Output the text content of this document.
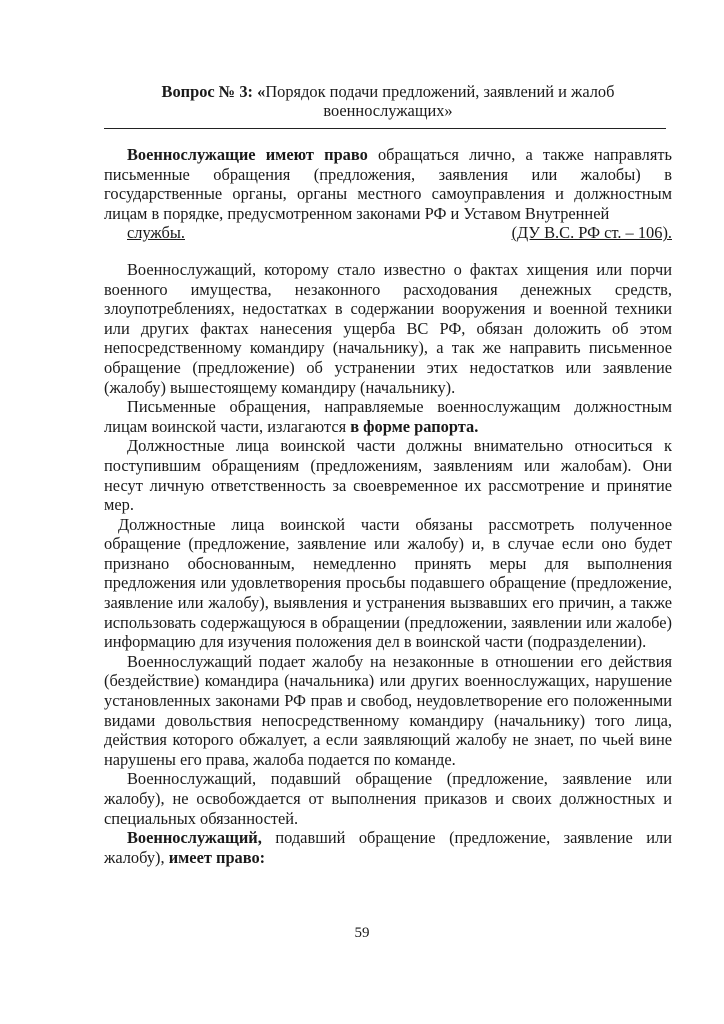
Вопрос № 3: «Порядок подачи предложений, заявлений и жалоб
военнослужащих»

Военнослужащие имеют право обращаться лично, а также направлять письменные обращения (предложения, заявления или жалобы) в государственные органы, органы местного самоуправления и должностным лицам в порядке, предусмотренном законами РФ и Уставом Внутренней

службы.	(ДУ В.С. РФ ст. – 106).

Военнослужащий, которому стало известно о фактах хищения или порчи военного имущества, незаконного расходования денежных средств, злоупотреблениях, недостатках в содержании вооружения и военной техники или других фактах нанесения ущерба ВС РФ, обязан доложить об этом непосредственному командиру (начальнику), а так же направить письменное обращение (предложение) об устранении этих недостатков или заявление (жалобу) вышестоящему командиру (начальнику).

Письменные обращения, направляемые военнослужащим должностным лицам воинской части, излагаются в форме рапорта.

Должностные лица воинской части должны внимательно относиться к поступившим обращениям (предложениям, заявлениям или жалобам). Они несут личную ответственность за своевременное их рассмотрение и принятие мер.

Должностные лица воинской части обязаны рассмотреть полученное обращение (предложение, заявление или жалобу) и, в случае если оно будет признано обоснованным, немедленно принять меры для выполнения предложения или удовлетворения просьбы подавшего обращение (предложение, заявление или жалобу), выявления и устранения вызвавших его причин, а также использовать содержащуюся в обращении (предложении, заявлении или жалобе) информацию для изучения положения дел в воинской части (подразделении).

Военнослужащий подает жалобу на незаконные в отношении его действия (бездействие) командира (начальника) или других военнослужащих, нарушение установленных законами РФ прав и свобод, неудовлетворение его положенными видами довольствия непосредственному командиру (начальнику) того лица, действия которого обжалует, а если заявляющий жалобу не знает, по чьей вине нарушены его права, жалоба подается по команде.

Военнослужащий, подавший обращение (предложение, заявление или жалобу), не освобождается от выполнения приказов и своих должностных и специальных обязанностей.

Военнослужащий, подавший обращение (предложение, заявление или жалобу), имеет право:

59
